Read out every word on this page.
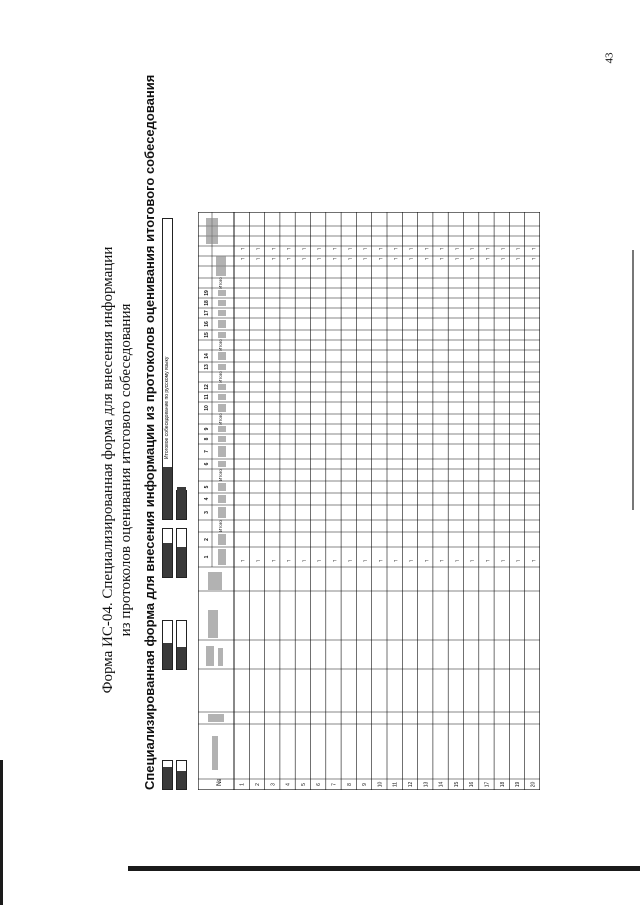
43
Форма ИС-04. Специализированная форма для внесения информации из протоколов оценивания итогового собеседования Специализированная форма для внесения информации из протоколов оценивания итогового собеседования Итоговое собеседование по русскому языку
№
1
2
3
4
5
6
7
8
9
10
11
12
13
14
15
16
17
18
19
Итого
Итого
Итого
Итого
Итого
Итого
1 2 3 4 5 6 7 8 9 10 11 12 13 14 15 16 17 18 19 20
┐
┐
┐
┐
┐
┐
┐
┐
┐
┐
┐
┐
┐
┐
┐
┐
┐
┐
┐
┐
┐
┐
┐
┐
┐
┐
┐
┐
┐
┐
┐
┐
┐
┐
┐
┐
┐
┐
┐
┐
┐
┐
┐
┐
┐
┐
┐
┐
┐
┐
┐
┐
┐
┐
┐
┐
┐
┐
┐
┐
